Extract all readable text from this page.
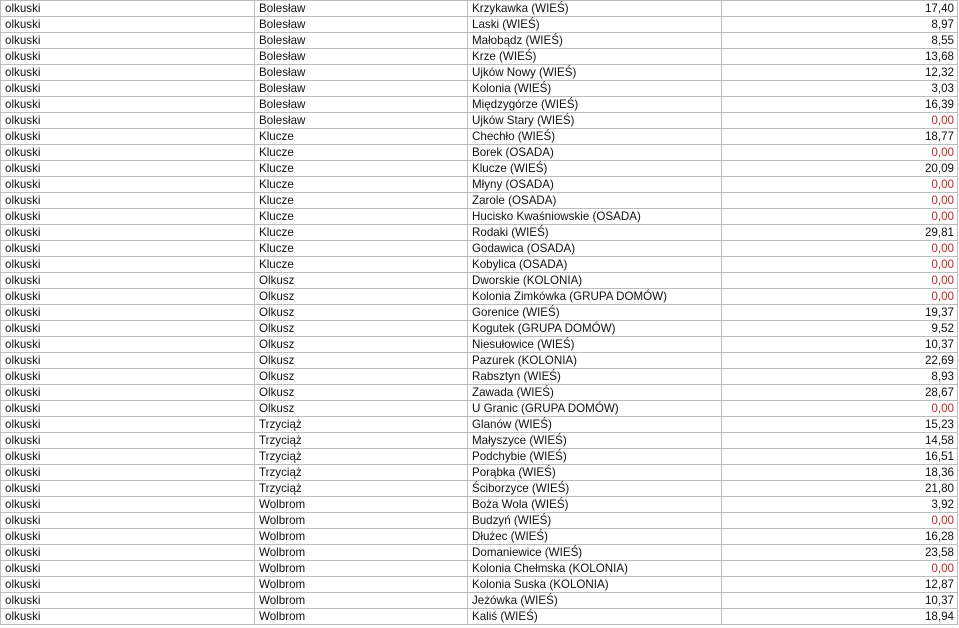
olkuski	Bolesław	Krzykawka (WIEŚ)	17,40
olkuski	Bolesław	Laski (WIEŚ)	8,97
olkuski	Bolesław	Małobądz (WIEŚ)	8,55
olkuski	Bolesław	Krze (WIEŚ)	13,68
olkuski	Bolesław	Ujków Nowy (WIEŚ)	12,32
olkuski	Bolesław	Kolonia (WIEŚ)	3,03
olkuski	Bolesław	Międzygórze (WIEŚ)	16,39
olkuski	Bolesław	Ujków Stary (WIEŚ)	0,00
olkuski	Klucze	Chechło (WIEŚ)	18,77
olkuski	Klucze	Borek (OSADA)	0,00
olkuski	Klucze	Klucze (WIEŚ)	20,09
olkuski	Klucze	Młyny (OSADA)	0,00
olkuski	Klucze	Zarole (OSADA)	0,00
olkuski	Klucze	Hucisko Kwaśniowskie (OSADA)	0,00
olkuski	Klucze	Rodaki (WIEŚ)	29,81
olkuski	Klucze	Godawica (OSADA)	0,00
olkuski	Klucze	Kobylica (OSADA)	0,00
olkuski	Olkusz	Dworskie (KOLONIA)	0,00
olkuski	Olkusz	Kolonia Zimkówka (GRUPA DOMÓW)	0,00
olkuski	Olkusz	Gorenice (WIEŚ)	19,37
olkuski	Olkusz	Kogutek (GRUPA DOMÓW)	9,52
olkuski	Olkusz	Niesułowice (WIEŚ)	10,37
olkuski	Olkusz	Pazurek (KOLONIA)	22,69
olkuski	Olkusz	Rabsztyn (WIEŚ)	8,93
olkuski	Olkusz	Zawada (WIEŚ)	28,67
olkuski	Olkusz	U Granic (GRUPA DOMÓW)	0,00
olkuski	Trzyciąż	Glanów (WIEŚ)	15,23
olkuski	Trzyciąż	Małyszyce (WIEŚ)	14,58
olkuski	Trzyciąż	Podchybie (WIEŚ)	16,51
olkuski	Trzyciąż	Porąbka (WIEŚ)	18,36
olkuski	Trzyciąż	Ściborzyce (WIEŚ)	21,80
olkuski	Wolbrom	Boża Wola (WIEŚ)	3,92
olkuski	Wolbrom	Budzyń (WIEŚ)	0,00
olkuski	Wolbrom	Dłużec (WIEŚ)	16,28
olkuski	Wolbrom	Domaniewice (WIEŚ)	23,58
olkuski	Wolbrom	Kolonia Chełmska (KOLONIA)	0,00
olkuski	Wolbrom	Kolonia Suska (KOLONIA)	12,87
olkuski	Wolbrom	Jeżówka (WIEŚ)	10,37
olkuski	Wolbrom	Kaliś (WIEŚ)	18,94
